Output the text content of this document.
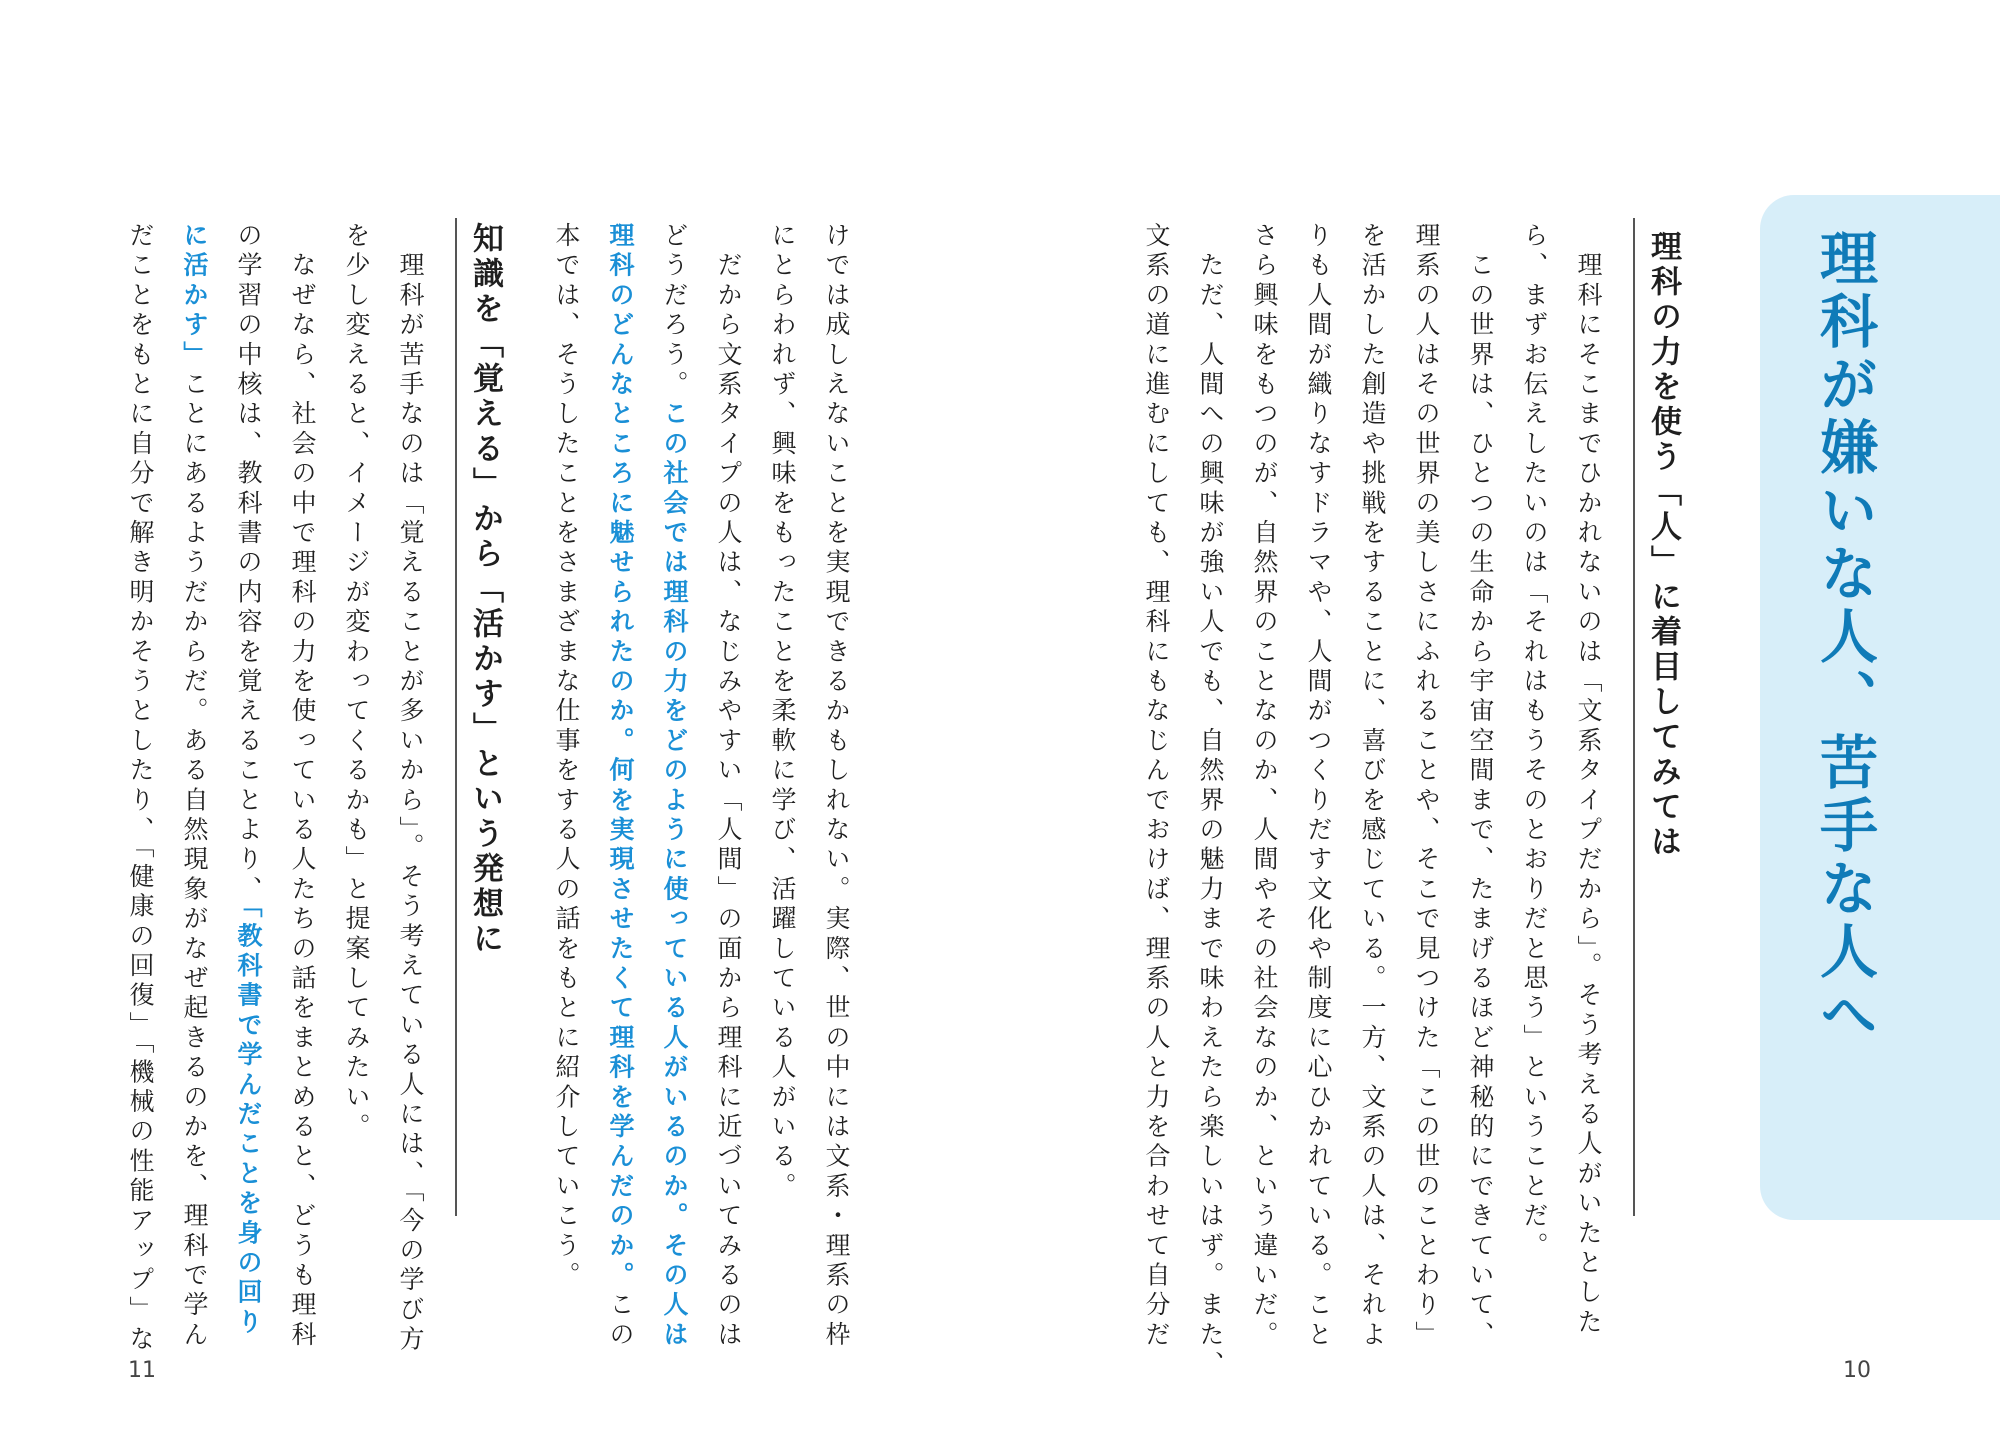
理科が嫌いな人、苦手な人へ
理科の力を使う「人」に着目してみては
　理科にそこまでひかれないのは「文系タイプだから」。そう考える人がいたとした
ら、まずお伝えしたいのは「それはもうそのとおりだと思う」ということだ。
　この世界は、ひとつの生命から宇宙空間まで、たまげるほど神秘的にできていて、
理系の人はその世界の美しさにふれることや、そこで見つけた「この世のことわり」
を活かした創造や挑戦をすることに、喜びを感じている。一方、文系の人は、それよ
りも人間が織りなすドラマや、人間がつくりだす文化や制度に心ひかれている。こと
さら興味をもつのが、自然界のことなのか、人間やその社会なのか、という違いだ。
　ただ、人間への興味が強い人でも、自然界の魅力まで味わえたら楽しいはず。また、
文系の道に進むにしても、理科にもなじんでおけば、理系の人と力を合わせて自分だ
10
けでは成しえないことを実現できるかもしれない。実際、世の中には文系・理系の枠
にとらわれず、興味をもったことを柔軟に学び、活躍している人がいる。
　だから文系タイプの人は、なじみやすい「人間」の面から理科に近づいてみるのは
どうだろう。この社会では理科の力をどのように使っている人がいるのか。その人は
理科のどんなところに魅せられたのか。何を実現させたくて理科を学んだのか。この
本では、そうしたことをさまざまな仕事をする人の話をもとに紹介していこう。
知識を「覚える」から「活かす」という発想に
　理科が苦手なのは「覚えることが多いから」。そう考えている人には、「今の学び方
を少し変えると、イメージが変わってくるかも」と提案してみたい。
　なぜなら、社会の中で理科の力を使っている人たちの話をまとめると、どうも理科
の学習の中核は、教科書の内容を覚えることより、「教科書で学んだことを身の回り
に活かす」ことにあるようだからだ。ある自然現象がなぜ起きるのかを、理科で学ん
だことをもとに自分で解き明かそうとしたり、「健康の回復」「機械の性能アップ」な
11
